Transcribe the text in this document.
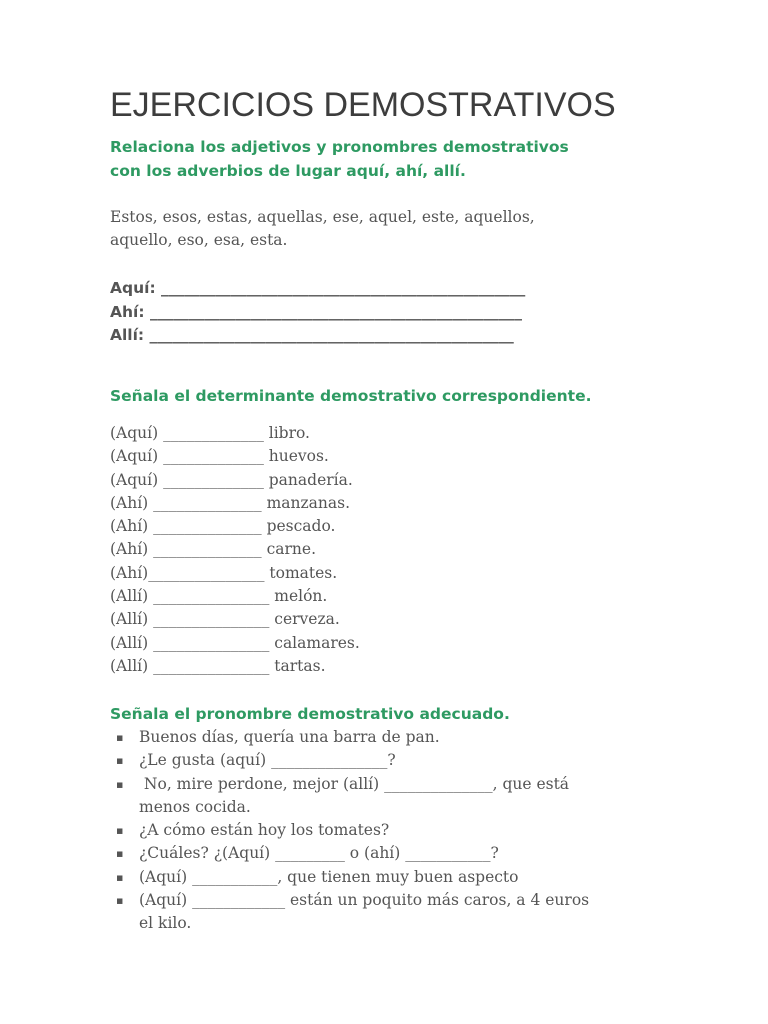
EJERCICIOS DEMOSTRATIVOS

Relaciona los adjetivos y pronombres demostrativos

con los adverbios de lugar aquí, ahí, allí.

Estos, esos, estas, aquellas, ese, aquel, este, aquellos,

aquello, eso, esa, esta.

Aquí: _______________________________________________
Ahí: ________________________________________________
Allí: _______________________________________________

Señala el determinante demostrativo correspondiente.

(Aquí) _____________ libro.
(Aquí) _____________ huevos.
(Aquí) _____________ panadería.
(Ahí) ______________ manzanas.
(Ahí) ______________ pescado.
(Ahí) ______________ carne.
(Ahí)_______________ tomates.
(Allí) _______________ melón.
(Allí) _______________ cerveza.
(Allí) _______________ calamares.
(Allí) _______________ tartas.

Señala el pronombre demostrativo adecuado.

▪ Buenos días, quería una barra de pan.
▪ ¿Le gusta (aquí) _______________?
▪ No, mire perdone, mejor (allí) ______________, que está
menos cocida.
▪ ¿A cómo están hoy los tomates?
▪ ¿Cuáles? ¿(Aquí) _________ o (ahí) ___________?
▪ (Aquí) ___________, que tienen muy buen aspecto
▪ (Aquí) ____________ están un poquito más caros, a 4 euros
el kilo.
